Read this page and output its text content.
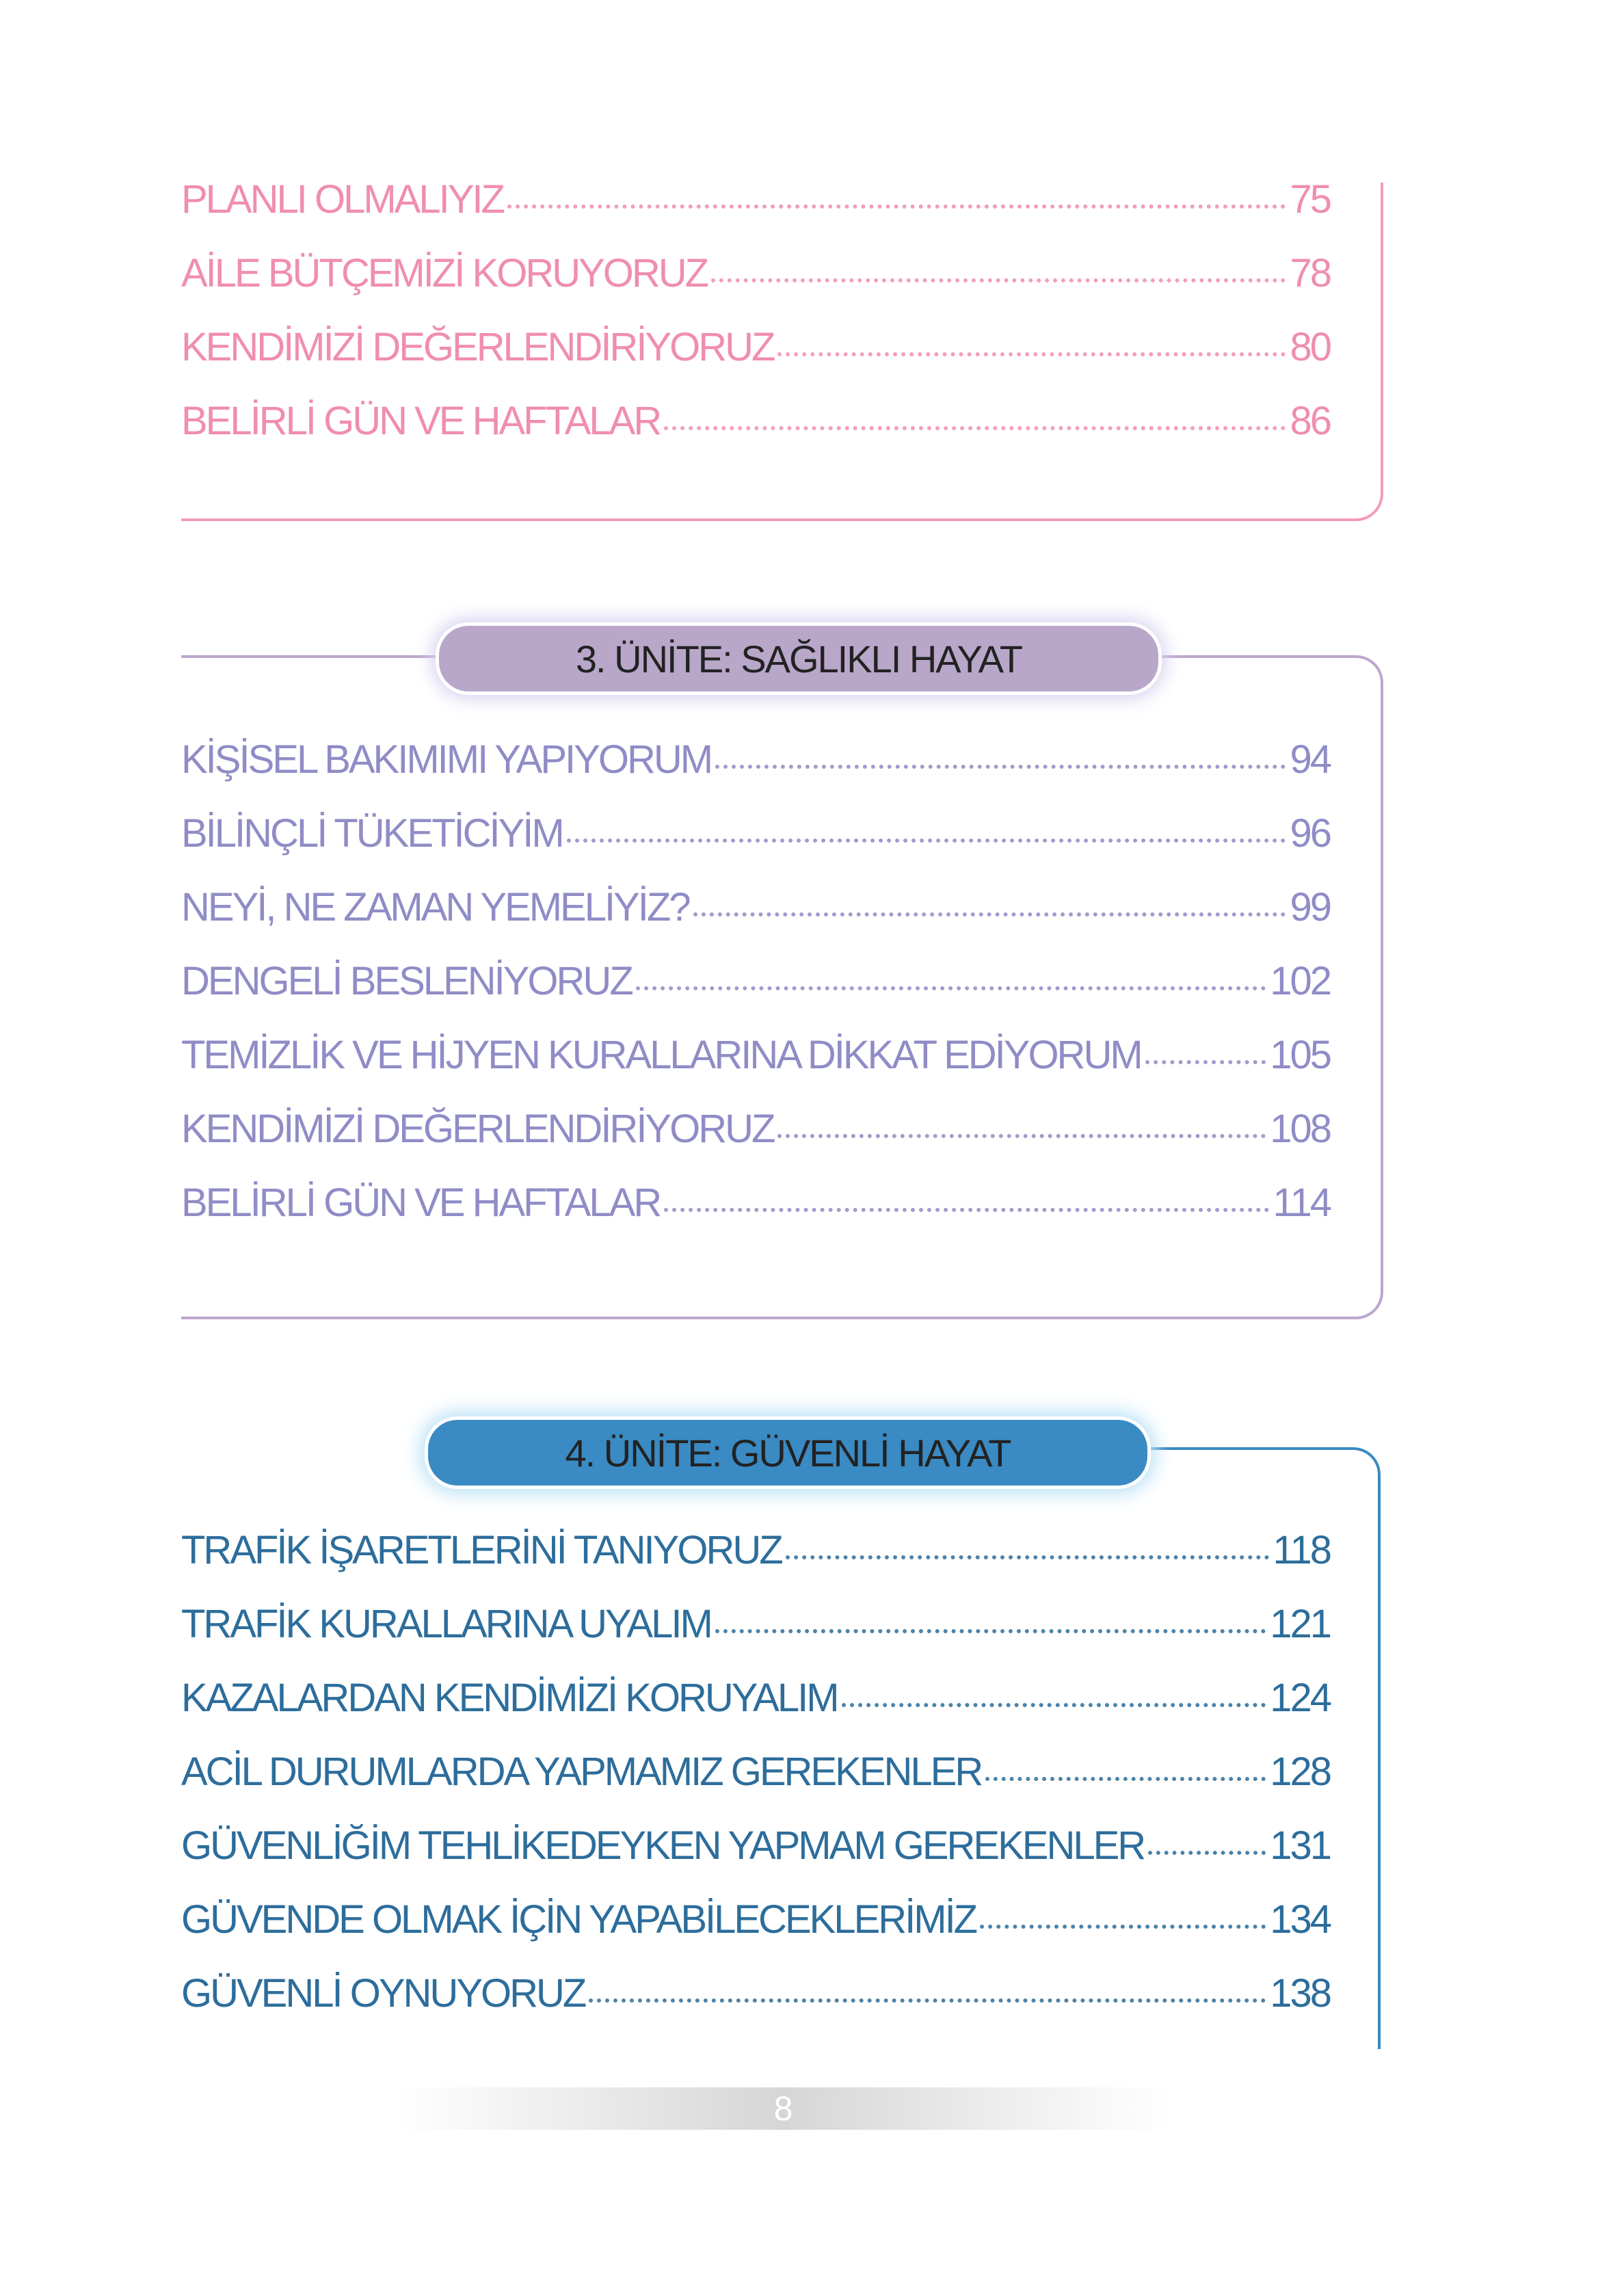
3. ÜNİTE: SAĞLIKLI HAYAT
4. ÜNİTE: GÜVENLİ HAYAT
PLANLI OLMALIYIZ	75
AİLE BÜTÇEMİZİ KORUYORUZ	78
KENDİMİZİ DEĞERLENDİRİYORUZ	80
BELİRLİ GÜN VE HAFTALAR	86
KİŞİSEL BAKIMIMI YAPIYORUM	94
BİLİNÇLİ TÜKETİCİYİM	96
NEYİ, NE ZAMAN YEMELİYİZ?	99
DENGELİ BESLENİYORUZ	102
TEMİZLİK VE HİJYEN KURALLARINA DİKKAT EDİYORUM	105
KENDİMİZİ DEĞERLENDİRİYORUZ	108
BELİRLİ GÜN VE HAFTALAR	114
TRAFİK İŞARETLERİNİ TANIYORUZ	118
TRAFİK KURALLARINA UYALIM	121
KAZALARDAN KENDİMİZİ KORUYALIM	124
ACİL DURUMLARDA YAPMAMIZ GEREKENLER	128
GÜVENLİĞİM TEHLİKEDEYKEN YAPMAM GEREKENLER	131
GÜVENDE OLMAK İÇİN YAPABİLECEKLERİMİZ	134
GÜVENLİ OYNUYORUZ	138
8
